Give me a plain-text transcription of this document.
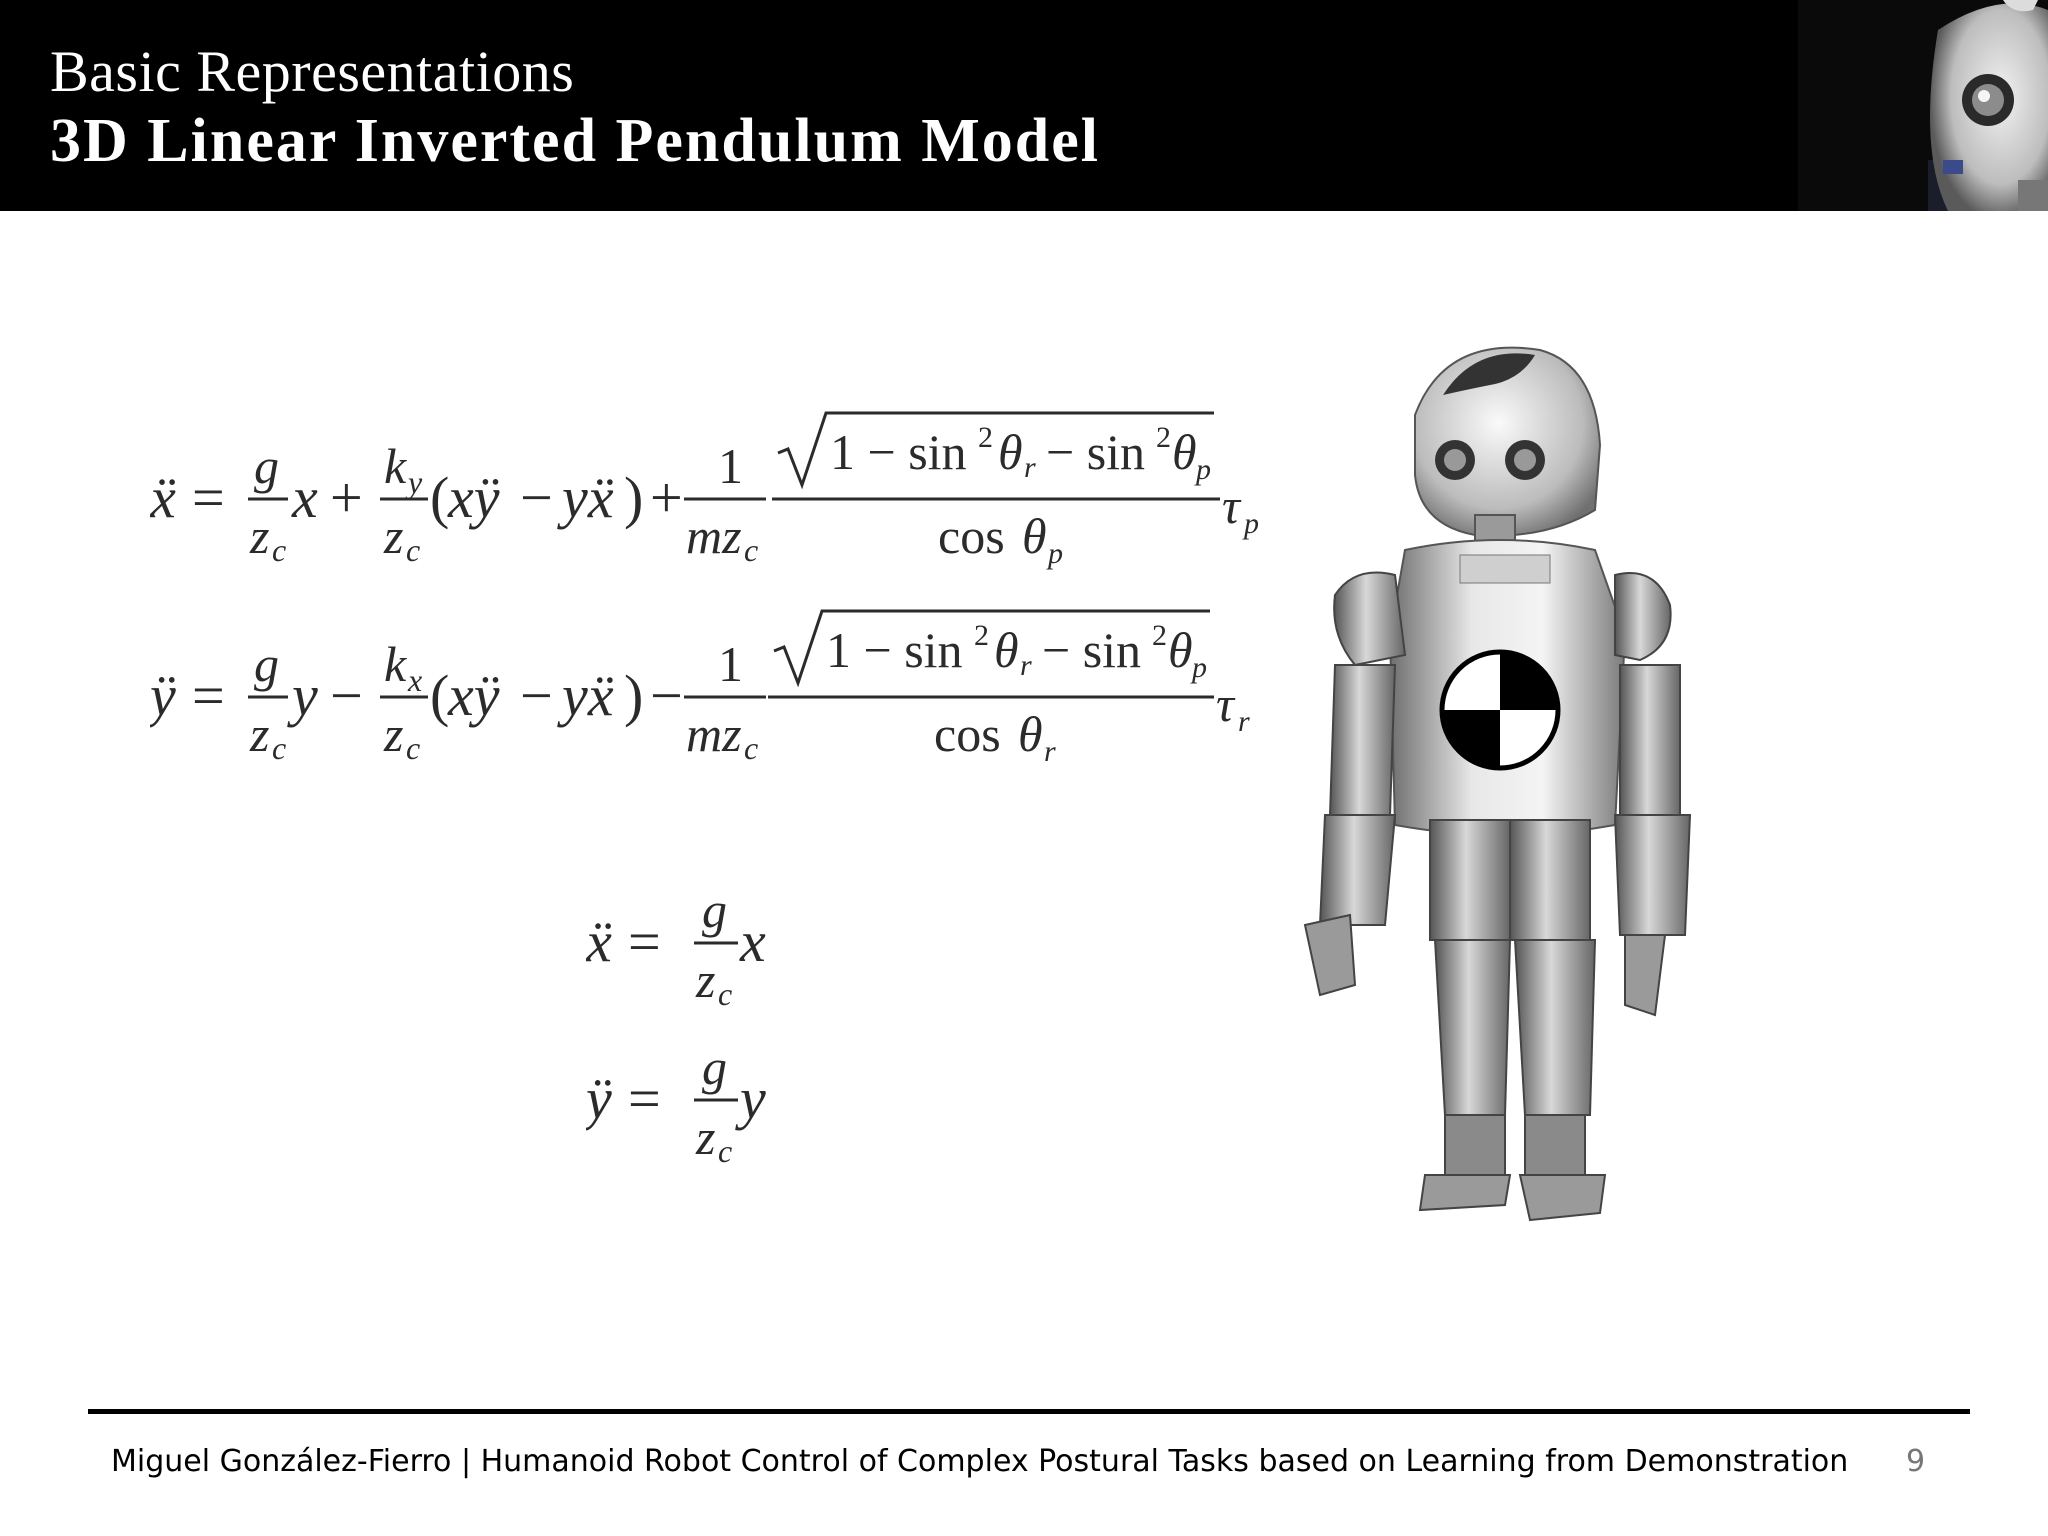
Basic Representations
3D Linear Inverted Pendulum Model
ẍ = g
z c
x + k y
z c
(
xÿ − yẍ ) + 1
mz c
1 − sin 2 θ r − sin 2 θ p
cos θ p
τ p
ÿ = g
z c
y − k x
z c
(
xÿ − yẍ ) − 1
mz c
1 − sin 2 θ r − sin 2 θ p
cos θ r
τ r
ẍ = g
z c
x
ÿ = g
z c
y
Miguel González-Fierro | Humanoid Robot Control of Complex Postural Tasks based on Learning from Demonstration 9
